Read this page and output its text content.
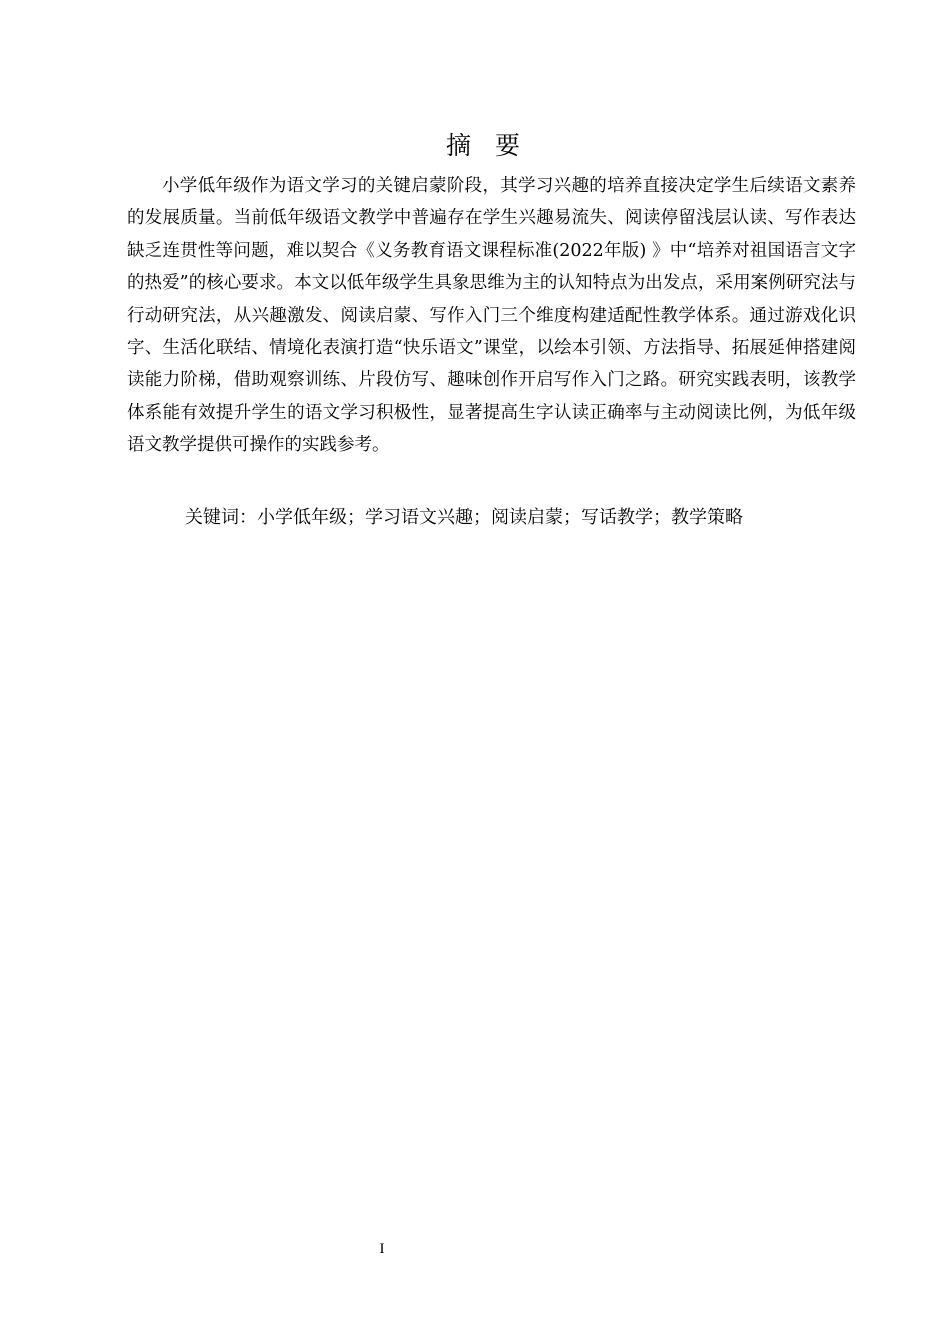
摘要

小学低年级作为语文学习的关键启蒙阶段，其学习兴趣的培养直接决定学生后续语文素养的发展质量。当前低年级语文教学中普遍存在学生兴趣易流失、阅读停留浅层认读、写作表达缺乏连贯性等问题，难以契合《义务教育语文课程标准(2022年版) 》中“培养对祖国语言文字的热爱”的核心要求。本文以低年级学生具象思维为主的认知特点为出发点，采用案例研究法与行动研究法，从兴趣激发、阅读启蒙、写作入门三个维度构建适配性教学体系。通过游戏化识字、生活化联结、情境化表演打造“快乐语文”课堂，以绘本引领、方法指导、拓展延伸搭建阅读能力阶梯，借助观察训练、片段仿写、趣味创作开启写作入门之路。研究实践表明，该教学体系能有效提升学生的语文学习积极性，显著提高生字认读正确率与主动阅读比例，为低年级语文教学提供可操作的实践参考。

关键词：小学低年级；学习语文兴趣；阅读启蒙；写话教学；教学策略
I
